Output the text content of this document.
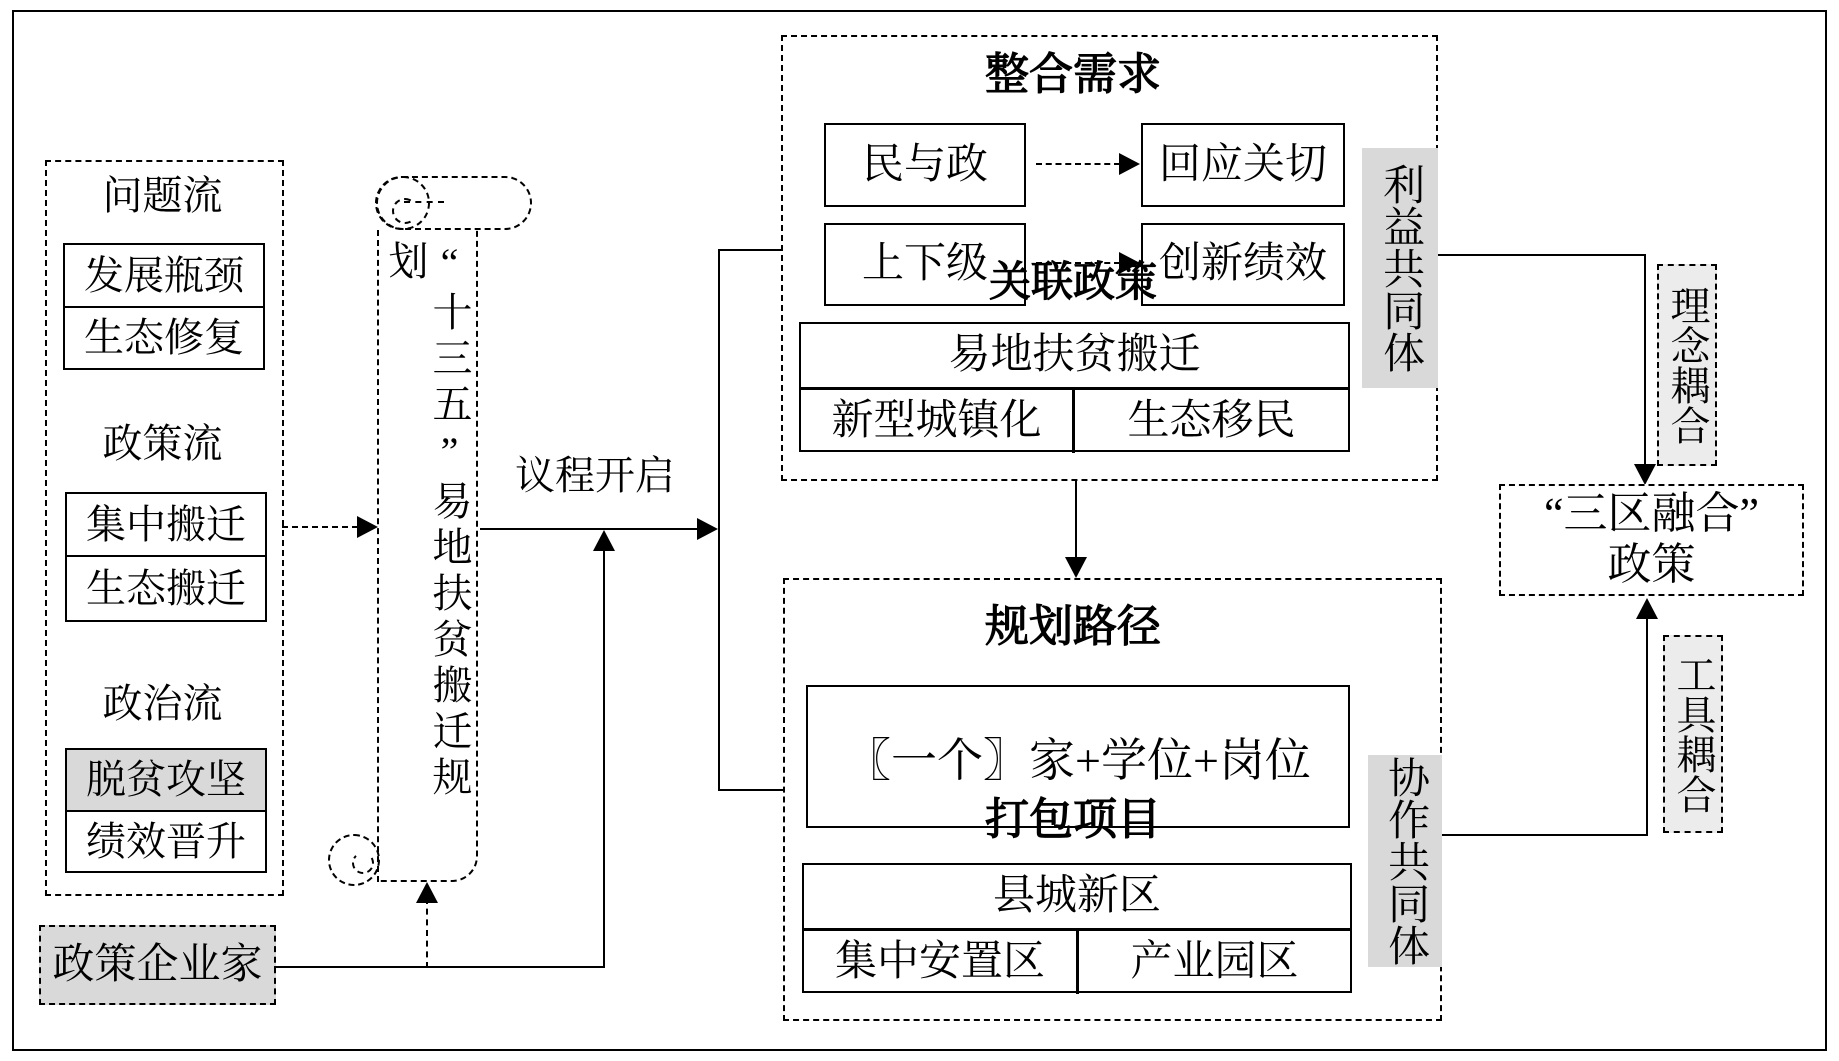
问题流
发展瓶颈
生态修复
政策流
集中搬迁
生态搬迁
政治流
脱贫攻坚
绩效晋升
政策企业家
“十三五”易地扶贫搬迁规划
议程开启
整合需求
民与政	回应关切
上下级	创新绩效
关联政策
易地扶贫搬迁
新型城镇化	生态移民
利益共同体
规划路径
〖一个〗家+学位+岗位
打包项目
县城新区
集中安置区	产业园区	协作共同体
理念耦合
“三区融合”
政策
工具耦合
